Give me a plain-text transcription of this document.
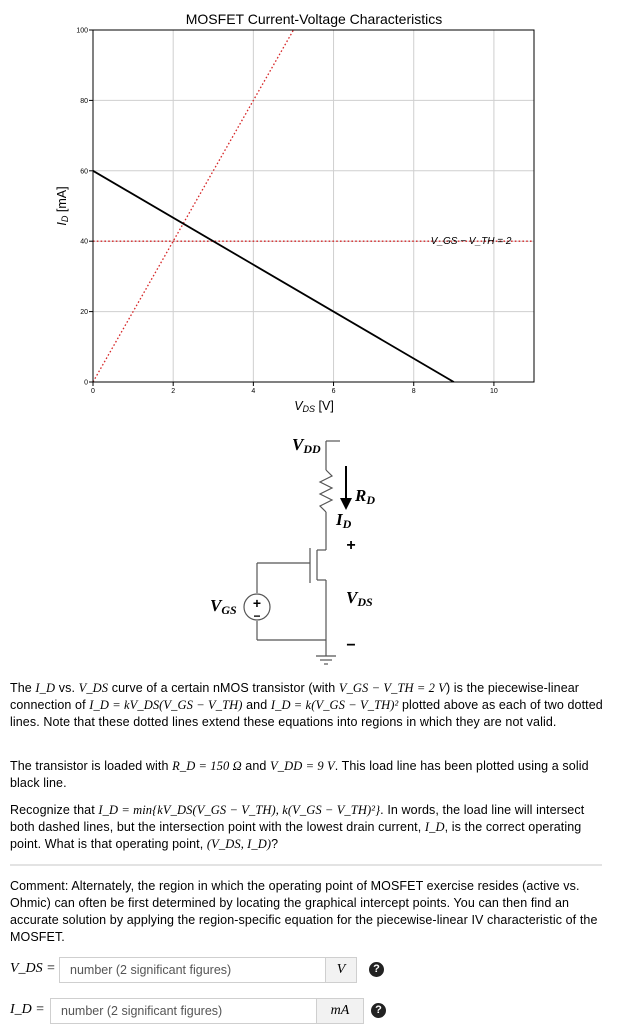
MOSFET Current-Voltage Characteristics
0	2	4	6	8	10
0
20
40
60
80
100
V_GS − V_TH = 2
VDS [V]
ID [mA]
VDD
+
−
RD
ID
VDS
VGS
+
−
The I_D vs. V_DS curve of a certain nMOS transistor (with V_GS − V_TH = 2 V) is the piecewise-linear connection of I_D = kV_DS(V_GS − V_TH) and I_D = k(V_GS − V_TH)² plotted above as each of two dotted lines. Note that these dotted lines extend these equations into regions in which they are not valid.
The transistor is loaded with R_D = 150 Ω and V_DD = 9 V. This load line has been plotted using a solid black line.
Recognize that I_D = min{kV_DS(V_GS − V_TH), k(V_GS − V_TH)²}. In words, the load line will intersect both dashed lines, but the intersection point with the lowest drain current, I_D, is the correct operating point. What is that operating point, (V_DS, I_D)?
Comment: Alternately, the region in which the operating point of MOSFET exercise resides (active vs. Ohmic) can often be first determined by locating the graphical intercept points. You can then find an accurate solution by applying the region-specific equation for the piecewise-linear IV characteristic of the MOSFET.
V_DS =	number (2 significant figures)	V	?
I_D =	number (2 significant figures)	mA	?
